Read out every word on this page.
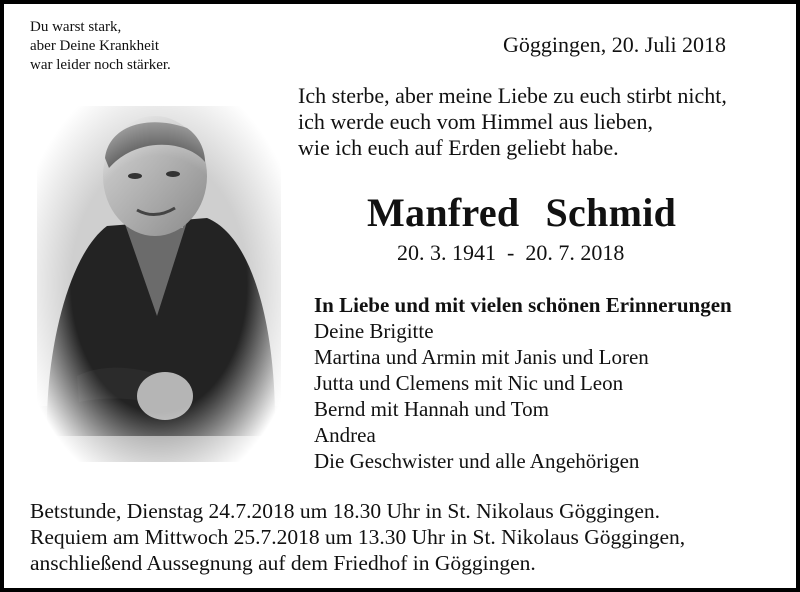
Du warst stark,
aber Deine Krankheit
war leider noch stärker.
Göggingen, 20. Juli 2018
Ich sterbe, aber meine Liebe zu euch stirbt nicht,
ich werde euch vom Himmel aus lieben,
wie ich euch auf Erden geliebt habe.
Manfred Schmid
20. 3. 1941  -  20. 7. 2018
In Liebe und mit vielen schönen Erinnerungen
Deine Brigitte
Martina und Armin mit Janis und Loren
Jutta und Clemens mit Nic und Leon
Bernd mit Hannah und Tom
Andrea
Die Geschwister und alle Angehörigen
Betstunde, Dienstag 24.7.2018 um 18.30 Uhr in St. Nikolaus Göggingen.
Requiem am Mittwoch 25.7.2018 um 13.30 Uhr in St. Nikolaus Göggingen,
anschließend Aussegnung auf dem Friedhof in Göggingen.
